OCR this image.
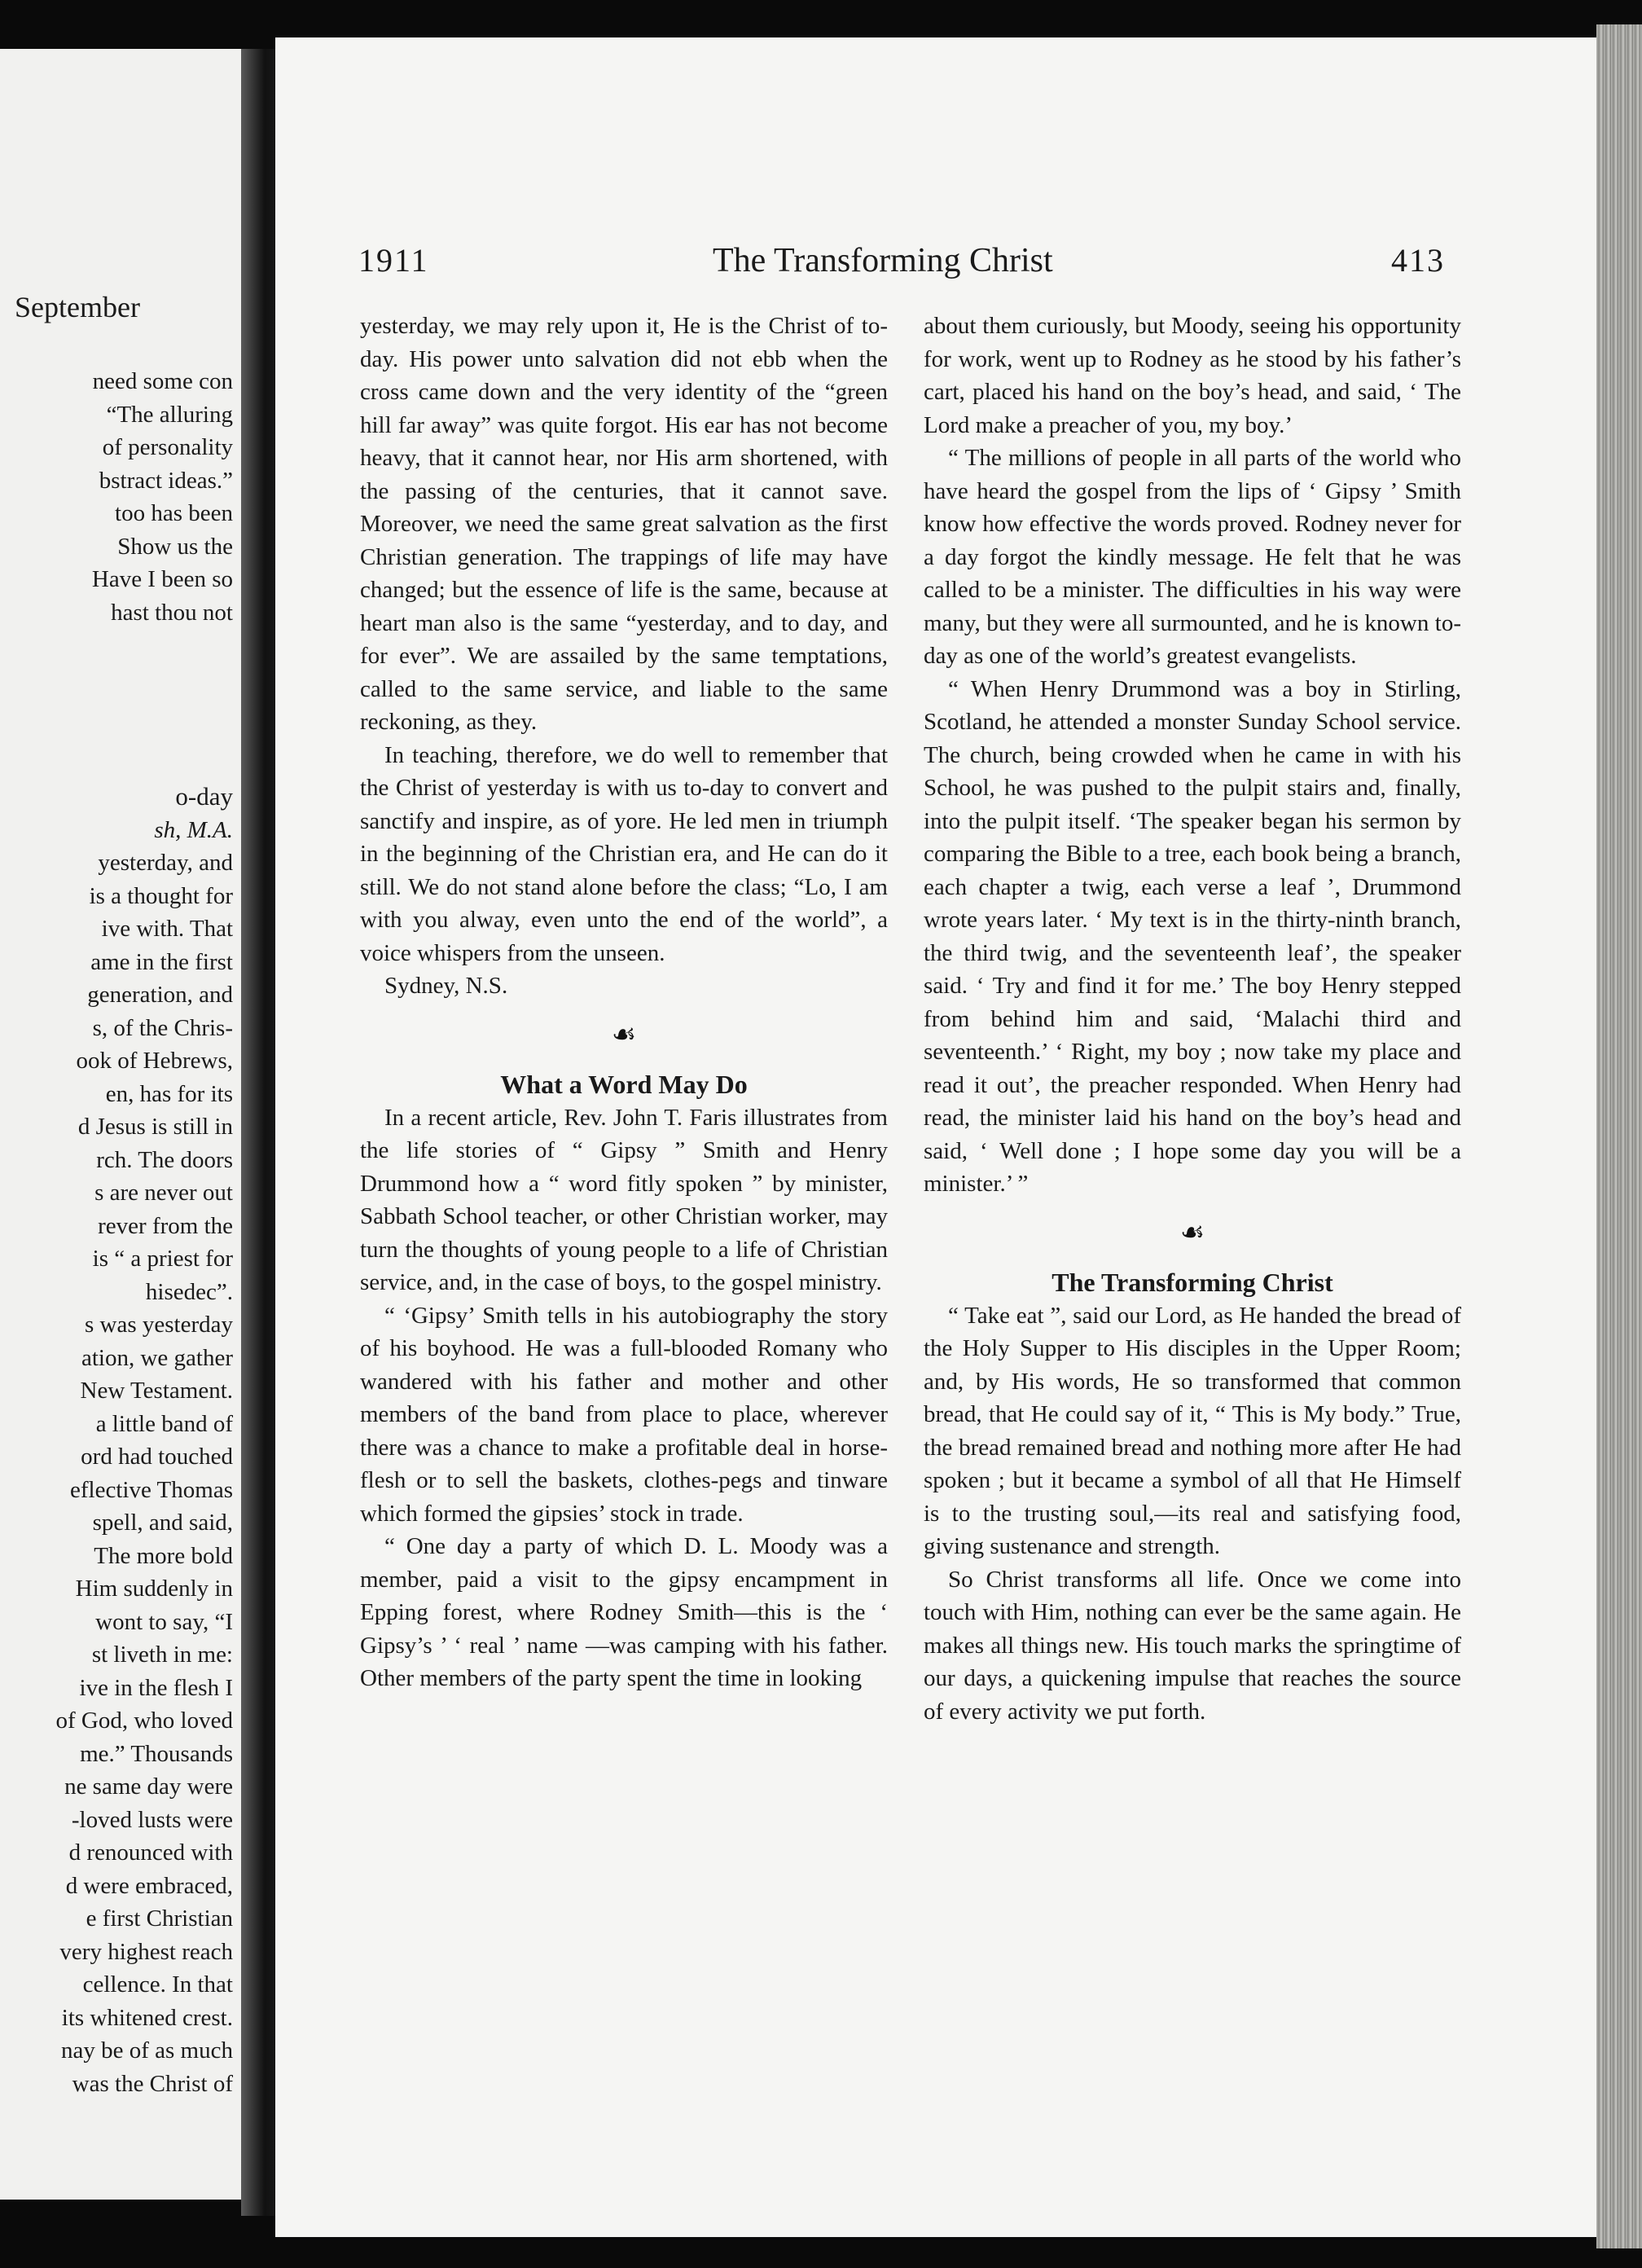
September
need some con
“The alluring
of personality
bstract ideas.”
too has been
Show us the
Have I been so
hast thou not
o-day
sh, M.A.
yesterday, and
is a thought for
ive with. That
ame in the first
generation, and
s, of the Chris-
ook of Hebrews,
en, has for its
d Jesus is still in
rch. The doors
s are never out
rever from the
is “ a priest for
hisedec”.
s was yesterday
ation, we gather
New Testament.
a little band of
ord had touched
eflective Thomas
spell, and said,
The more bold
Him suddenly in
wont to say, “I
st liveth in me:
ive in the flesh I
of God, who loved
me.” Thousands
ne same day were
-loved lusts were
d renounced with
d were embraced,
e first Christian
very highest reach
cellence. In that
its whitened crest.
nay be of as much
was the Christ of
1911	The Transforming Christ	413

yesterday, we may rely upon it, He is the Christ of to-day. His power unto salvation did not ebb when the cross came down and the very identity of the “green hill far away” was quite forgot. His ear has not become heavy, that it cannot hear, nor His arm shortened, with the passing of the centuries, that it cannot save. Moreover, we need the same great salvation as the first Christian generation. The trappings of life may have changed; but the essence of life is the same, because at heart man also is the same “yesterday, and to day, and for ever”. We are assailed by the same temptations, called to the same service, and liable to the same reckoning, as they.

In teaching, therefore, we do well to remember that the Christ of yesterday is with us to-day to convert and sanctify and inspire, as of yore. He led men in triumph in the beginning of the Christian era, and He can do it still. We do not stand alone before the class; “Lo, I am with you alway, even unto the end of the world”, a voice whispers from the unseen.

Sydney, N.S.

☙
What a Word May Do

In a recent article, Rev. John T. Faris illustrates from the life stories of “ Gipsy ” Smith and Henry Drummond how a “ word fitly spoken ” by minister, Sabbath School teacher, or other Christian worker, may turn the thoughts of young people to a life of Christian service, and, in the case of boys, to the gospel ministry.

“ ‘Gipsy’ Smith tells in his autobiography the story of his boyhood. He was a full-blooded Romany who wandered with his father and mother and other members of the band from place to place, wherever there was a chance to make a profitable deal in horse-flesh or to sell the baskets, clothes-pegs and tinware which formed the gipsies’ stock in trade.

“ One day a party of which D. L. Moody was a member, paid a visit to the gipsy encampment in Epping forest, where Rodney Smith—this is the ‘ Gipsy’s ’ ‘ real ’ name —was camping with his father. Other members of the party spent the time in looking

about them curiously, but Moody, seeing his opportunity for work, went up to Rodney as he stood by his father’s cart, placed his hand on the boy’s head, and said, ‘ The Lord make a preacher of you, my boy.’

“ The millions of people in all parts of the world who have heard the gospel from the lips of ‘ Gipsy ’ Smith know how effective the words proved. Rodney never for a day forgot the kindly message. He felt that he was called to be a minister. The difficulties in his way were many, but they were all surmounted, and he is known to-day as one of the world’s greatest evangelists.

“ When Henry Drummond was a boy in Stirling, Scotland, he attended a monster Sunday School service. The church, being crowded when he came in with his School, he was pushed to the pulpit stairs and, finally, into the pulpit itself. ‘The speaker began his sermon by comparing the Bible to a tree, each book being a branch, each chapter a twig, each verse a leaf ’, Drummond wrote years later. ‘ My text is in the thirty-ninth branch, the third twig, and the seventeenth leaf’, the speaker said. ‘ Try and find it for me.’ The boy Henry stepped from behind him and said, ‘Malachi third and seventeenth.’ ‘ Right, my boy ; now take my place and read it out’, the preacher responded. When Henry had read, the minister laid his hand on the boy’s head and said, ‘ Well done ; I hope some day you will be a minister.’ ”

☙
The Transforming Christ

“ Take eat ”, said our Lord, as He handed the bread of the Holy Supper to His disciples in the Upper Room; and, by His words, He so transformed that common bread, that He could say of it, “ This is My body.” True, the bread remained bread and nothing more after He had spoken ; but it became a symbol of all that He Himself is to the trusting soul,—its real and satisfying food, giving sustenance and strength.

So Christ transforms all life. Once we come into touch with Him, nothing can ever be the same again. He makes all things new. His touch marks the springtime of our days, a quickening impulse that reaches the source of every activity we put forth.
